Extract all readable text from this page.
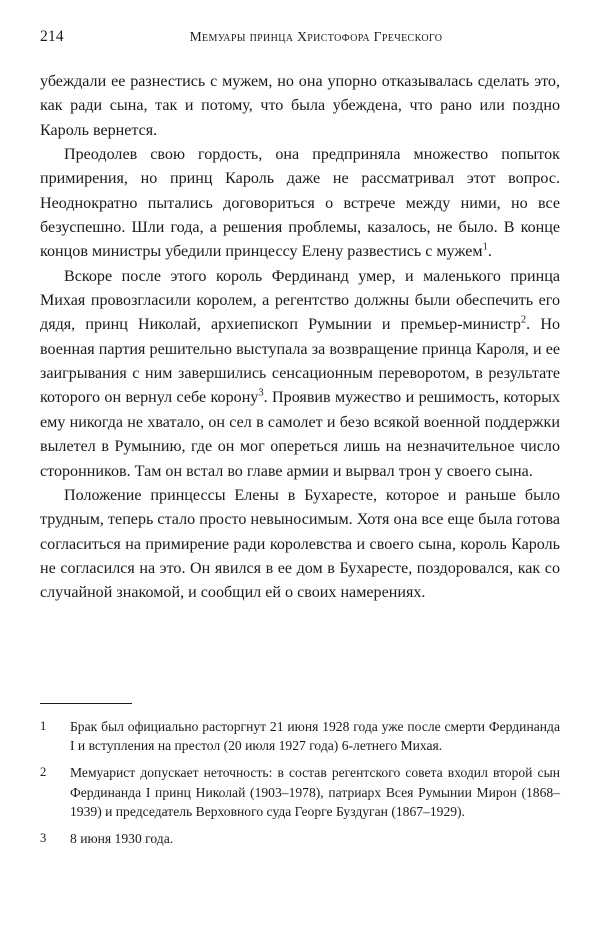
214	Мемуары принца Христофора Греческого

убеждали ее разнестись с мужем, но она упорно отказывалась сделать это, как ради сына, так и потому, что была убеждена, что рано или поздно Кароль вернется.

Преодолев свою гордость, она предприняла множество попыток примирения, но принц Кароль даже не рассматривал этот вопрос. Неоднократно пытались договориться о встрече между ними, но все безуспешно. Шли года, а решения проблемы, казалось, не было. В конце концов министры убедили принцессу Елену развестись с мужем$^1$.

Вскоре после этого король Фердинанд умер, и маленького принца Михая провозгласили королем, а регентство должны были обеспечить его дядя, принц Николай, архиепископ Румынии и премьер-министр$^2$. Но военная партия решительно выступала за возвращение принца Кароля, и ее заигрывания с ним завершились сенсационным переворотом, в результате которого он вернул себе корону$^3$. Проявив мужество и решимость, которых ему никогда не хватало, он сел в самолет и безо всякой военной поддержки вылетел в Румынию, где он мог опереться лишь на незначительное число сторонников. Там он встал во главе армии и вырвал трон у своего сына.

Положение принцессы Елены в Бухаресте, которое и раньше было трудным, теперь стало просто невыносимым. Хотя она все еще была готова согласиться на примирение ради королевства и своего сына, король Кароль не согласился на это. Он явился в ее дом в Бухаресте, поздоровался, как со случайной знакомой, и сообщил ей о своих намерениях.

1	Брак был официально расторгнут 21 июня 1928 года уже после смерти Фердинанда I и вступления на престол (20 июля 1927 года) 6-летнего Михая.
2	Мемуарист допускает неточность: в состав регентского совета входил второй сын Фердинанда I принц Николай (1903–1978), патриарх Всея Румынии Мирон (1868–1939) и председатель Верховного суда Георге Буздуган (1867–1929).
3	8 июня 1930 года.
